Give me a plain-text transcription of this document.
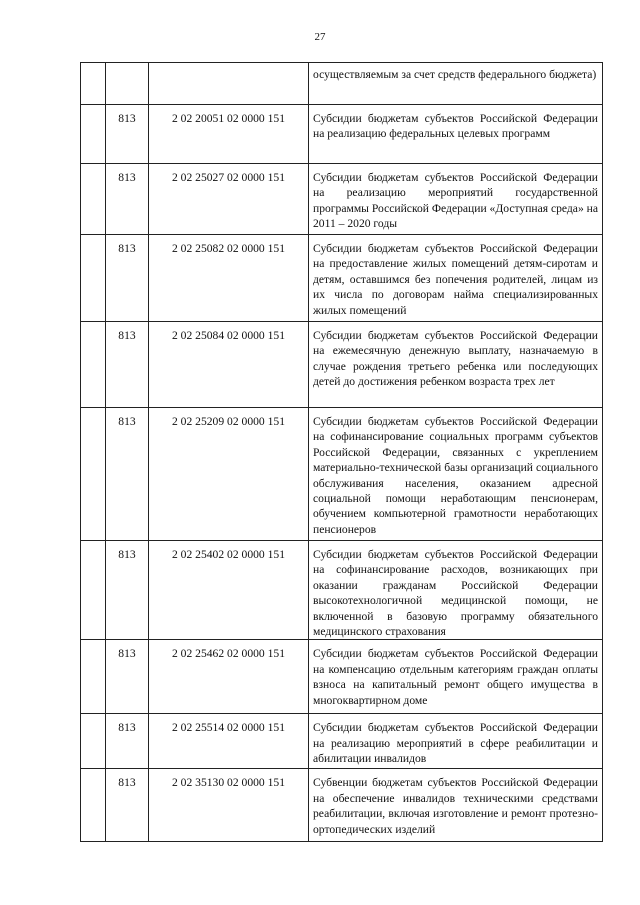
27
			осуществляемым за счет средств федерального бюджета)
	813	2 02 20051 02 0000 151	Субсидии бюджетам субъектов Российской Федерации на реализацию федеральных целевых программ
	813	2 02 25027 02 0000 151	Субсидии бюджетам субъектов Российской Федерации на реализацию мероприятий государственной программы Российской Федерации «Доступная среда» на 2011 – 2020 годы
	813	2 02 25082 02 0000 151	Субсидии бюджетам субъектов Российской Федерации на предоставление жилых помещений детям-сиротам и детям, оставшимся без попечения родителей, лицам из их числа по договорам найма специализированных жилых помещений
	813	2 02 25084 02 0000 151	Субсидии бюджетам субъектов Российской Федерации на ежемесячную денежную выплату, назначаемую в случае рождения третьего ребенка или последующих детей до достижения ребенком возраста трех лет
	813	2 02 25209 02 0000 151	Субсидии бюджетам субъектов Российской Федерации на софинансирование социальных программ субъектов Российской Федерации, связанных с укреплением материально-технической базы организаций социального обслуживания населения, оказанием адресной социальной помощи неработающим пенсионерам, обучением компьютерной грамотности неработающих пенсионеров
	813	2 02 25402 02 0000 151	Субсидии бюджетам субъектов Российской Федерации на софинансирование расходов, возникающих при оказании гражданам Российской Федерации высокотехнологичной медицинской помощи, не включенной в базовую программу обязательного медицинского страхования
	813	2 02 25462 02 0000 151	Субсидии бюджетам субъектов Российской Федерации на компенсацию отдельным категориям граждан оплаты взноса на капитальный ремонт общего имущества в многоквартирном доме
	813	2 02 25514 02 0000 151	Субсидии бюджетам субъектов Российской Федерации на реализацию мероприятий в сфере реабилитации и абилитации инвалидов
	813	2 02 35130 02 0000 151	Субвенции бюджетам субъектов Российской Федерации на обеспечение инвалидов техническими средствами реабилитации, включая изготовление и ремонт протезно-ортопедических изделий
